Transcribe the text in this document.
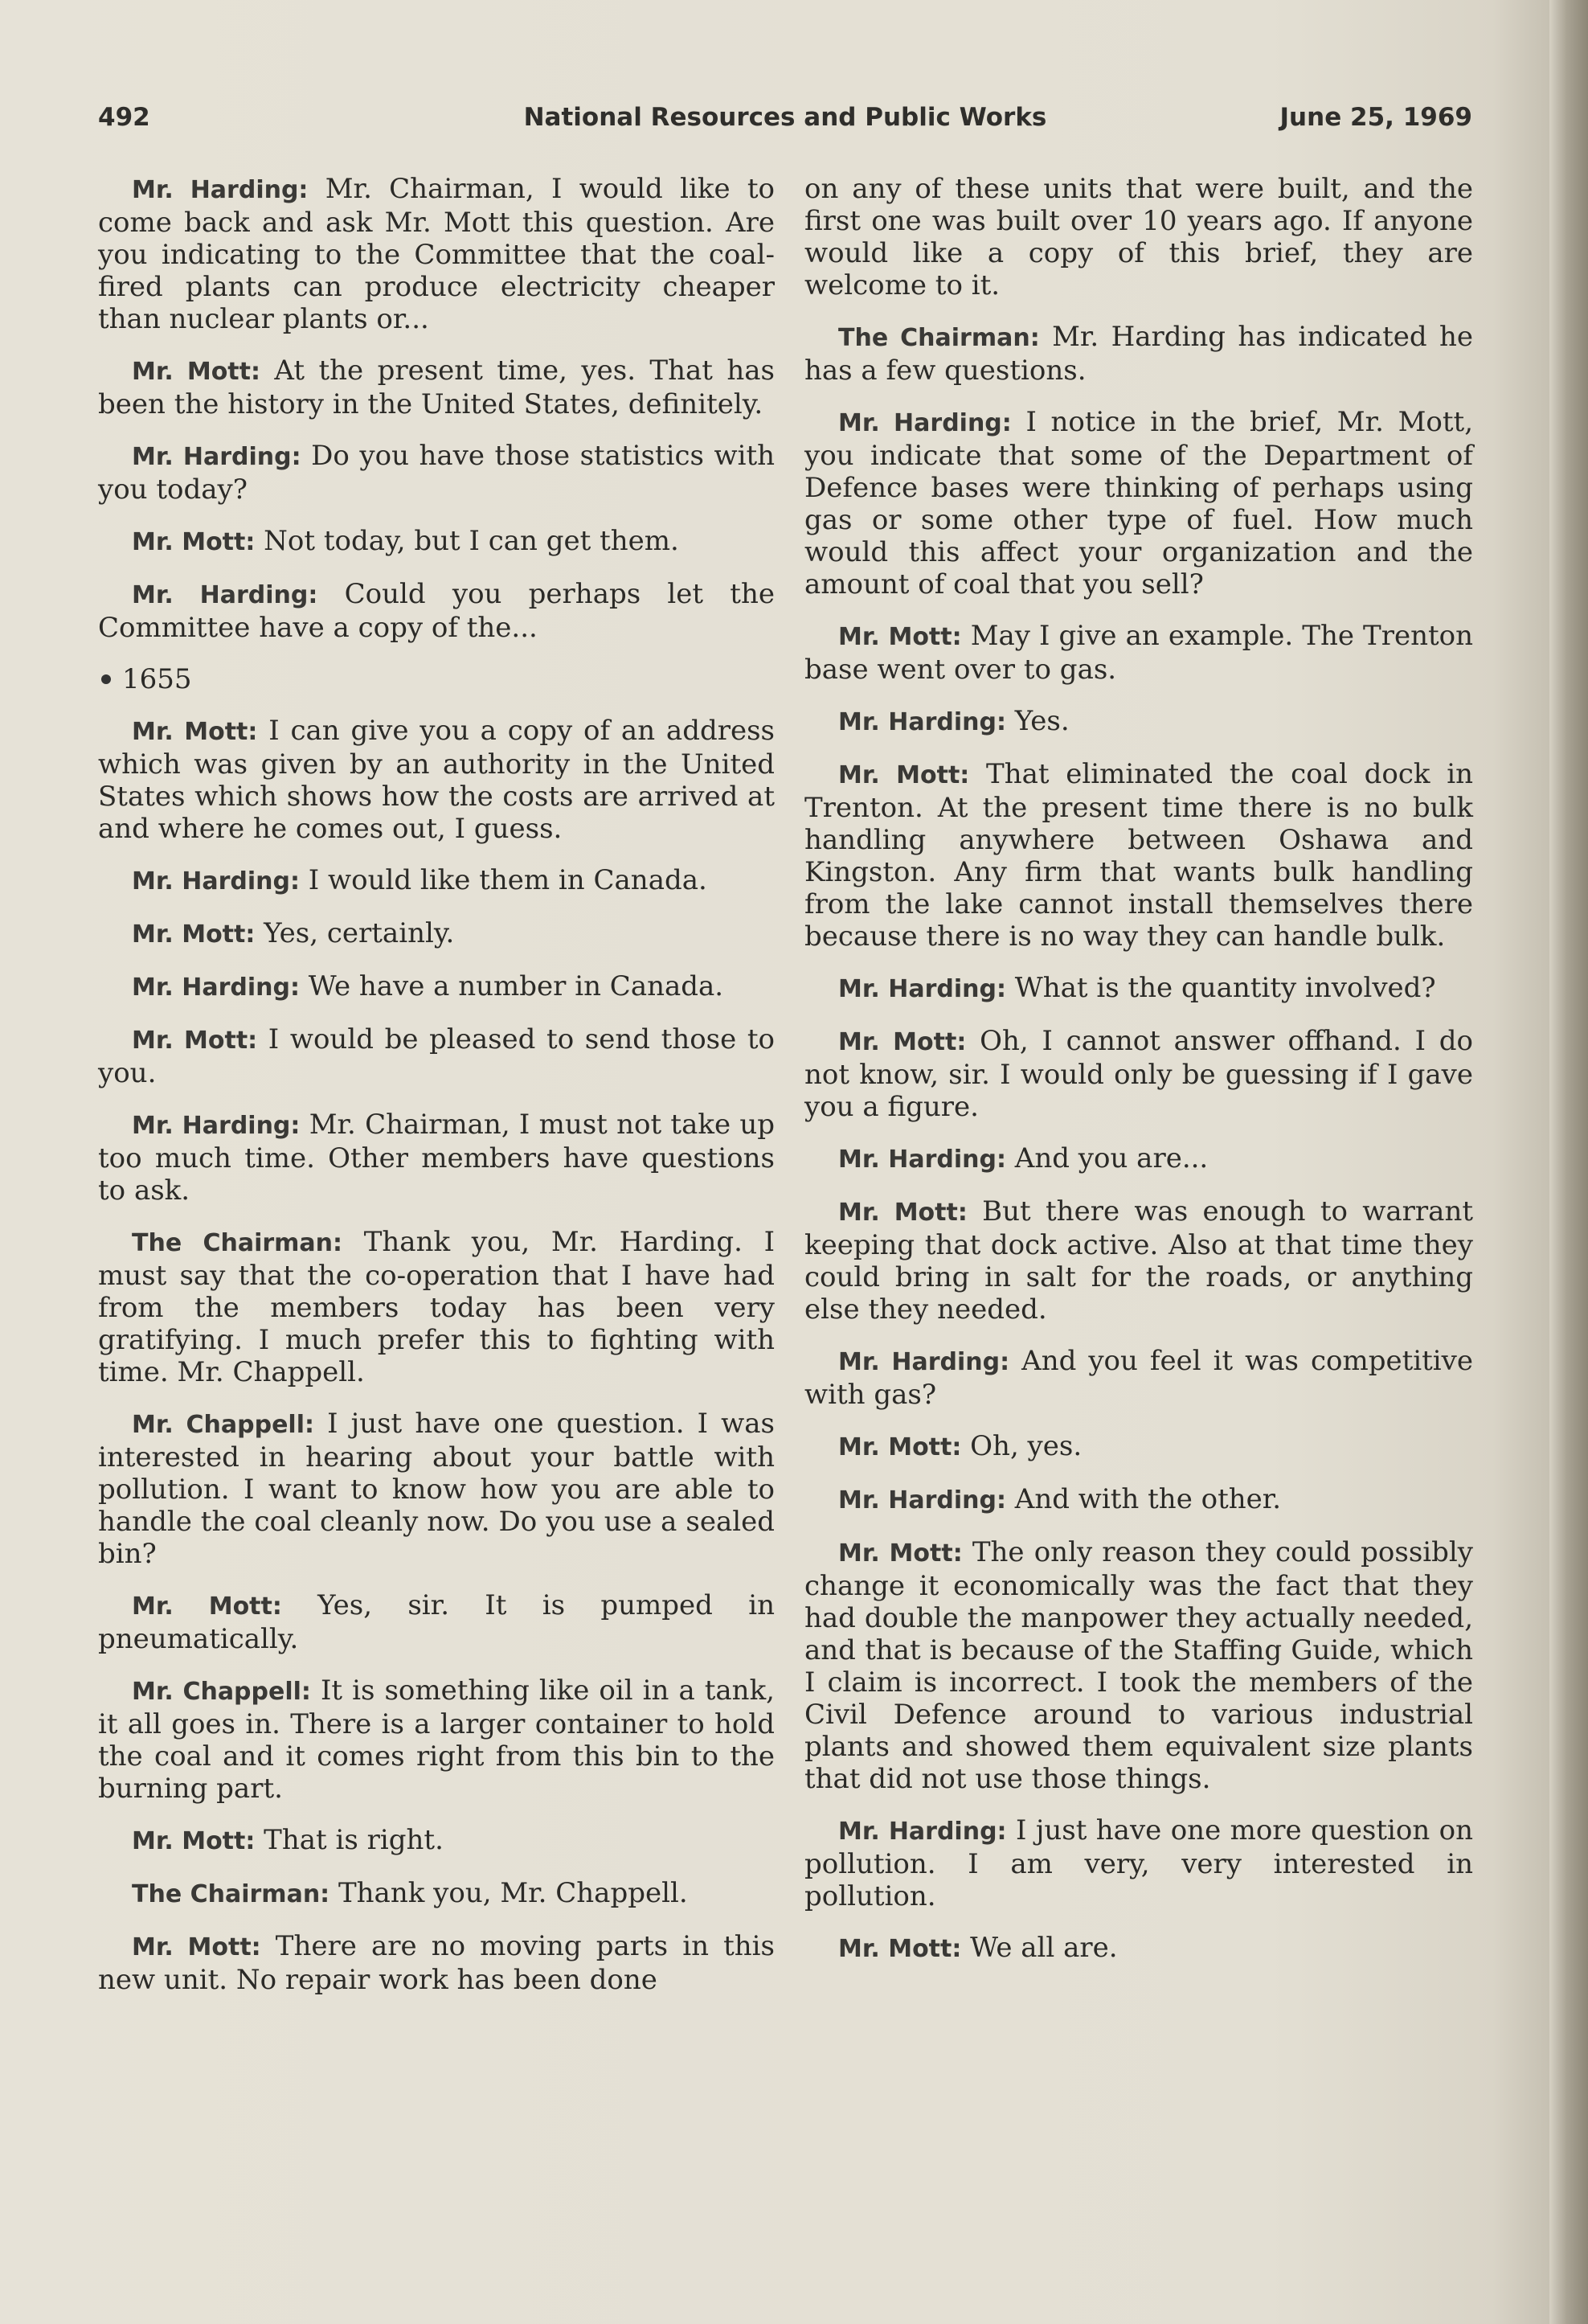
492	National Resources and Public Works	June 25, 1969

Mr. Harding: Mr. Chairman, I would like to come back and ask Mr. Mott this question. Are you indicating to the Committee that the coal-fired plants can produce electricity cheaper than nuclear plants or...

Mr. Mott: At the present time, yes. That has been the history in the United States, definitely.

Mr. Harding: Do you have those statistics with you today?

Mr. Mott: Not today, but I can get them.

Mr. Harding: Could you perhaps let the Committee have a copy of the...

1655

Mr. Mott: I can give you a copy of an address which was given by an authority in the United States which shows how the costs are arrived at and where he comes out, I guess.

Mr. Harding: I would like them in Canada.

Mr. Mott: Yes, certainly.

Mr. Harding: We have a number in Canada.

Mr. Mott: I would be pleased to send those to you.

Mr. Harding: Mr. Chairman, I must not take up too much time. Other members have questions to ask.

The Chairman: Thank you, Mr. Harding. I must say that the co-operation that I have had from the members today has been very gratifying. I much prefer this to fighting with time. Mr. Chappell.

Mr. Chappell: I just have one question. I was interested in hearing about your battle with pollution. I want to know how you are able to handle the coal cleanly now. Do you use a sealed bin?

Mr. Mott: Yes, sir. It is pumped in pneumatically.

Mr. Chappell: It is something like oil in a tank, it all goes in. There is a larger container to hold the coal and it comes right from this bin to the burning part.

Mr. Mott: That is right.

The Chairman: Thank you, Mr. Chappell.

Mr. Mott: There are no moving parts in this new unit. No repair work has been done

on any of these units that were built, and the first one was built over 10 years ago. If anyone would like a copy of this brief, they are welcome to it.

The Chairman: Mr. Harding has indicated he has a few questions.

Mr. Harding: I notice in the brief, Mr. Mott, you indicate that some of the Department of Defence bases were thinking of perhaps using gas or some other type of fuel. How much would this affect your organization and the amount of coal that you sell?

Mr. Mott: May I give an example. The Trenton base went over to gas.

Mr. Harding: Yes.

Mr. Mott: That eliminated the coal dock in Trenton. At the present time there is no bulk handling anywhere between Oshawa and Kingston. Any firm that wants bulk handling from the lake cannot install themselves there because there is no way they can handle bulk.

Mr. Harding: What is the quantity involved?

Mr. Mott: Oh, I cannot answer offhand. I do not know, sir. I would only be guessing if I gave you a figure.

Mr. Harding: And you are...

Mr. Mott: But there was enough to warrant keeping that dock active. Also at that time they could bring in salt for the roads, or anything else they needed.

Mr. Harding: And you feel it was competitive with gas?

Mr. Mott: Oh, yes.

Mr. Harding: And with the other.

Mr. Mott: The only reason they could possibly change it economically was the fact that they had double the manpower they actually needed, and that is because of the Staffing Guide, which I claim is incorrect. I took the members of the Civil Defence around to various industrial plants and showed them equivalent size plants that did not use those things.

Mr. Harding: I just have one more question on pollution. I am very, very interested in pollution.

Mr. Mott: We all are.
